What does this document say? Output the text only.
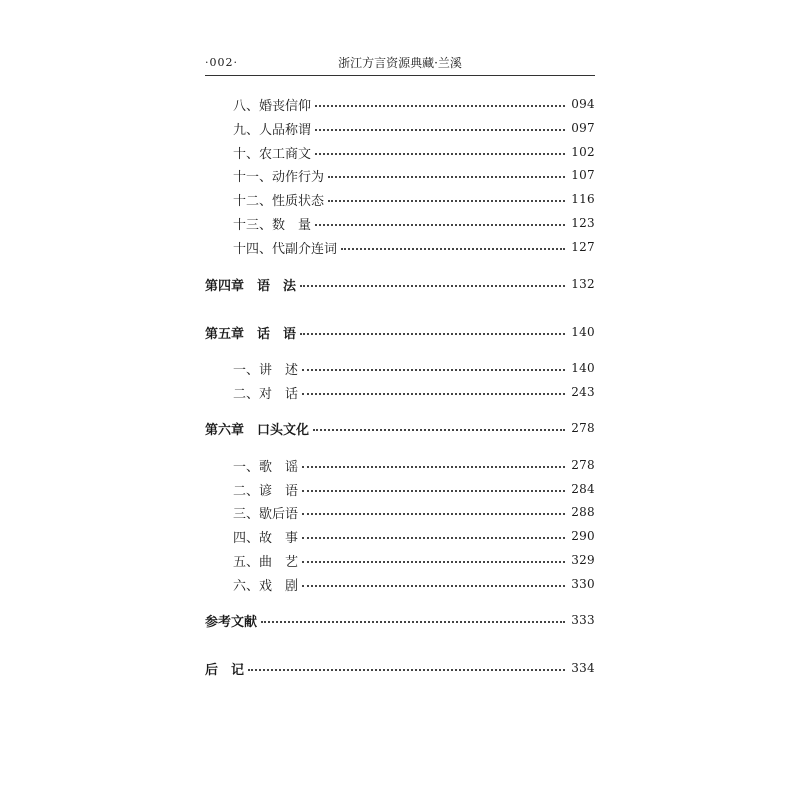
·002·	浙江方言资源典藏·兰溪
八、婚丧信仰	094
九、人品称谓	097
十、农工商文	102
十一、动作行为	107
十二、性质状态	116
十三、数　量	123
十四、代副介连词	127
第四章　语　法	132
第五章　话　语	140
一、讲　述	140
二、对　话	243
第六章　口头文化	278
一、歌　谣	278
二、谚　语	284
三、歇后语	288
四、故　事	290
五、曲　艺	329
六、戏　剧	330
参考文献	333
后　记	334
